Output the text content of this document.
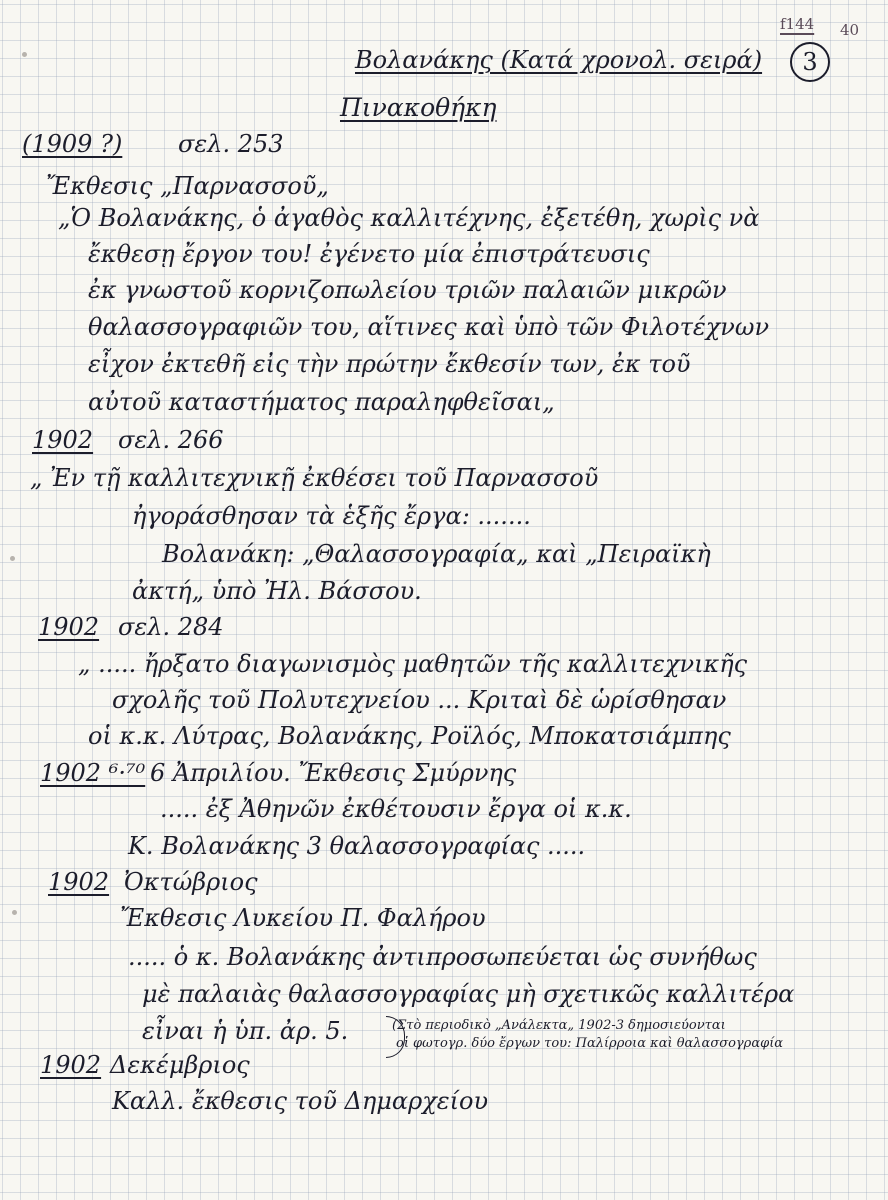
f144 40
Βολανάκης (Κατά χρονολ. σειρά)	3
Πινακοθήκη
(1909 ?) σελ. 253
Ἔκθεσις „Παρνασσοῦ„
„Ὁ Βολανάκης, ὁ ἀγαθὸς καλλιτέχνης, ἐξετέθη, χωρὶς νὰ
ἔκθεσῃ ἔργον του! ἐγένετο μία ἐπιστράτευσις
ἐκ γνωστοῦ κορνιζοπωλείου τριῶν παλαιῶν μικρῶν
θαλασσογραφιῶν του, αἵτινες καὶ ὑπὸ τῶν Φιλοτέχνων
εἶχον ἐκτεθῆ εἰς τὴν πρώτην ἔκθεσίν των, ἐκ τοῦ
αὐτοῦ καταστήματος παραληφθεῖσαι„
1902 σελ. 266
„ Ἐν τῇ καλλιτεχνικῇ ἐκθέσει τοῦ Παρνασσοῦ
ἠγοράσθησαν τὰ ἑξῆς ἔργα: .......
Βολανάκη: „Θαλασσογραφία„ καὶ „Πειραϊκὴ
ἀκτή„ ὑπὸ Ἠλ. Βάσσου.
1902 σελ. 284
„ ..... ἤρξατο διαγωνισμὸς μαθητῶν τῆς καλλιτεχνικῆς
σχολῆς τοῦ Πολυτεχνείου ... Κριταὶ δὲ ὡρίσθησαν
οἱ κ.κ. Λύτρας, Βολανάκης, Ροϊλός, Μποκατσιάμπης
1902 ⁶·⁷⁰ 6 Ἀπριλίου. Ἔκθεσις Σμύρνης
..... ἐξ Ἀθηνῶν ἐκθέτουσιν ἔργα οἱ κ.κ.
Κ. Βολανάκης 3 θαλασσογραφίας .....
1902 Ὀκτώβριος
Ἔκθεσις Λυκείου Π. Φαλήρου
..... ὁ κ. Βολανάκης ἀντιπροσωπεύεται ὡς συνήθως
μὲ παλαιὰς θαλασσογραφίας μὴ σχετικῶς καλλιτέρα
εἶναι ἡ ὑπ. ἀρ. 5.
1902 Δεκέμβριος
Καλλ. ἔκθεσις τοῦ Δημαρχείου
(Στὸ περιοδικὸ „Ανάλεκτα„ 1902-3 δημοσιεύονται
οἱ φωτογρ. δύο ἔργων του: Παλίρροια καὶ θαλασσογραφία
